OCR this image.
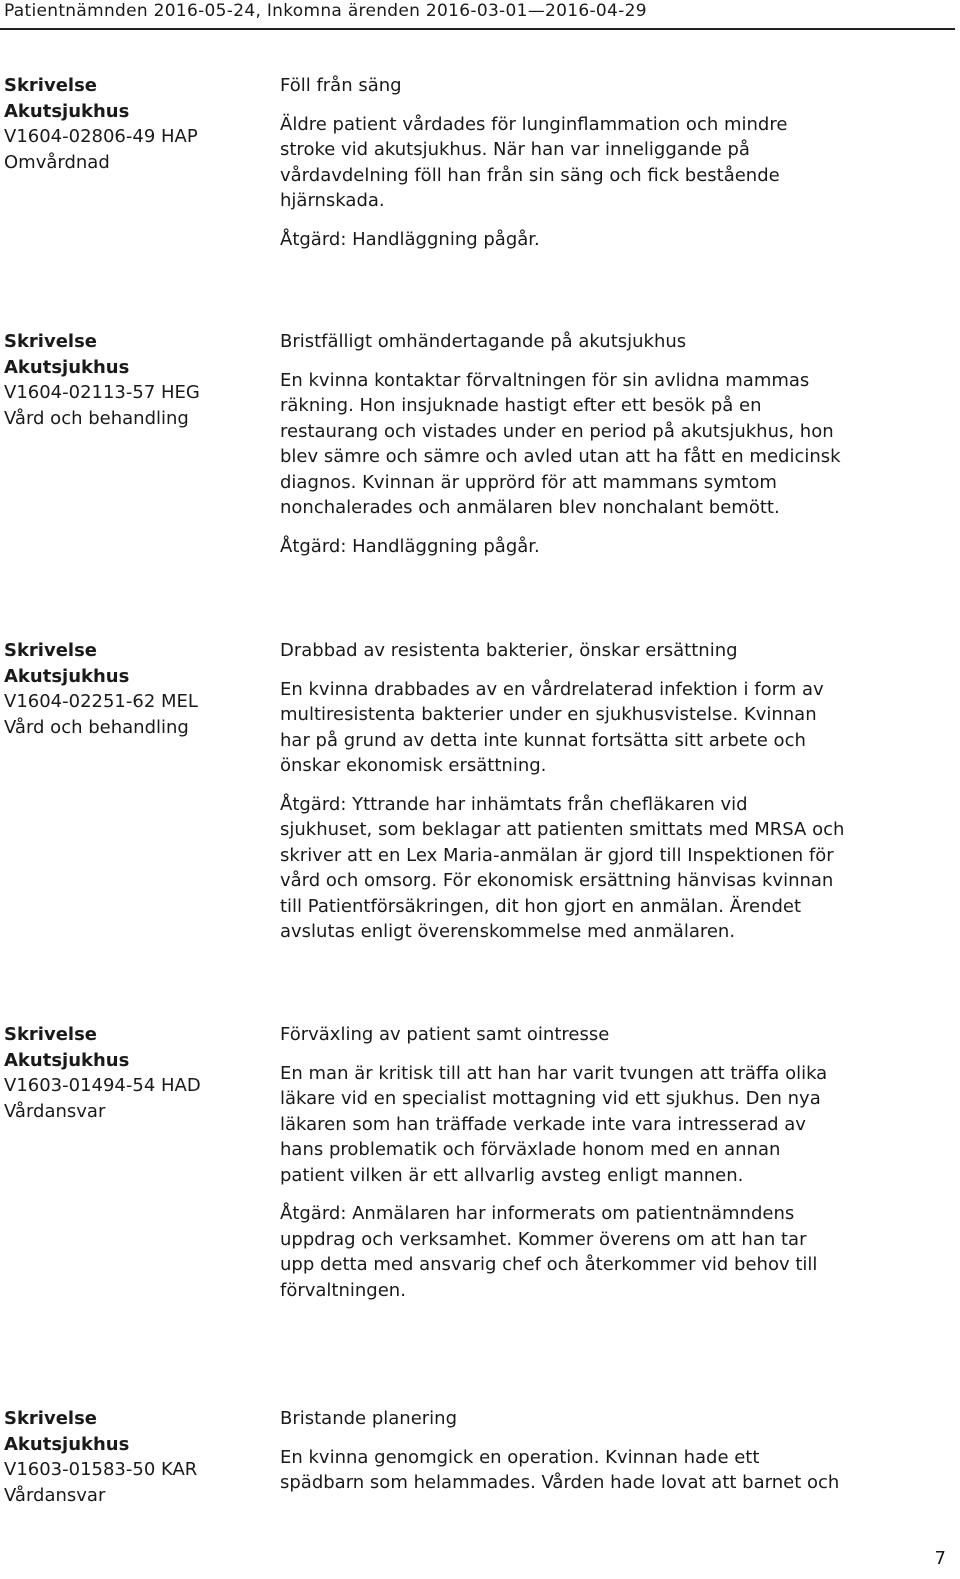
Patientnämnden 2016-05-24, Inkomna ärenden 2016-03-01—2016-04-29
Skrivelse
Akutsjukhus
V1604-02806-49 HAP
Omvårdnad
Föll från säng
Äldre patient vårdades för lunginflammation och mindre
stroke vid akutsjukhus. När han var inneliggande på
vårdavdelning föll han från sin säng och fick bestående
hjärnskada.
Åtgärd: Handläggning pågår.
Skrivelse
Akutsjukhus
V1604-02113-57 HEG
Vård och behandling
Bristfälligt omhändertagande på akutsjukhus
En kvinna kontaktar förvaltningen för sin avlidna mammas
räkning. Hon insjuknade hastigt efter ett besök på en
restaurang och vistades under en period på akutsjukhus, hon
blev sämre och sämre och avled utan att ha fått en medicinsk
diagnos. Kvinnan är upprörd för att mammans symtom
nonchalerades och anmälaren blev nonchalant bemött.
Åtgärd: Handläggning pågår.
Skrivelse
Akutsjukhus
V1604-02251-62 MEL
Vård och behandling
Drabbad av resistenta bakterier, önskar ersättning
En kvinna drabbades av en vårdrelaterad infektion i form av
multiresistenta bakterier under en sjukhusvistelse. Kvinnan
har på grund av detta inte kunnat fortsätta sitt arbete och
önskar ekonomisk ersättning.
Åtgärd: Yttrande har inhämtats från chefläkaren vid
sjukhuset, som beklagar att patienten smittats med MRSA och
skriver att en Lex Maria-anmälan är gjord till Inspektionen för
vård och omsorg. För ekonomisk ersättning hänvisas kvinnan
till Patientförsäkringen, dit hon gjort en anmälan. Ärendet
avslutas enligt överenskommelse med anmälaren.
Skrivelse
Akutsjukhus
V1603-01494-54 HAD
Vårdansvar
Förväxling av patient samt ointresse
En man är kritisk till att han har varit tvungen att träffa olika
läkare vid en specialist mottagning vid ett sjukhus. Den nya
läkaren som han träffade verkade inte vara intresserad av
hans problematik och förväxlade honom med en annan
patient vilken är ett allvarlig avsteg enligt mannen.
Åtgärd: Anmälaren har informerats om patientnämndens
uppdrag och verksamhet. Kommer överens om att han tar
upp detta med ansvarig chef och återkommer vid behov till
förvaltningen.
Skrivelse
Akutsjukhus
V1603-01583-50 KAR
Vårdansvar
Bristande planering
En kvinna genomgick en operation. Kvinnan hade ett
spädbarn som helammades. Vården hade lovat att barnet och
7
